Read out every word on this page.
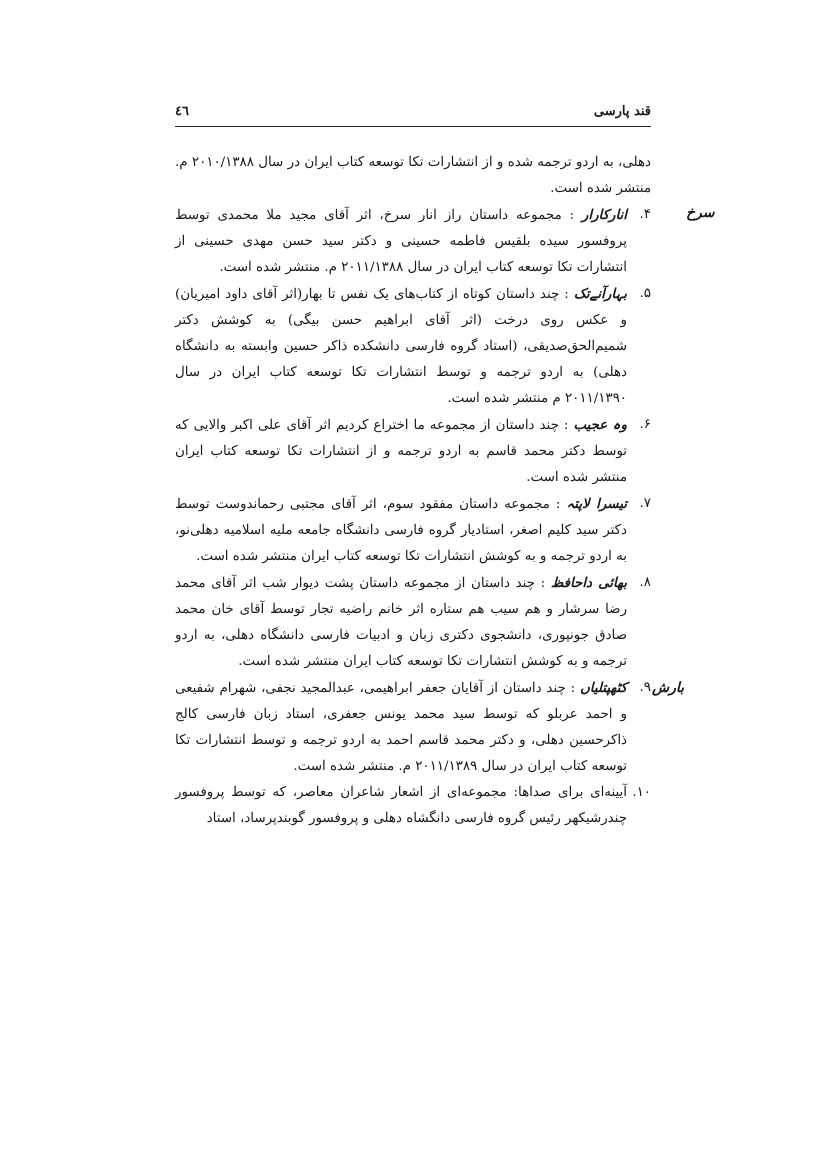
قند پارسی
٤٦
سرخ
بارش

دهلی، به اردو ترجمه شده و از انتشارات تکا توسعه کتاب ایران در سال ۲۰۱۰/۱۳۸۸ م. منتشر شده است.

۴.
انارکارار : مجموعه داستان راز انار سرخ، اثر آقای مجید ملا محمدی توسط پروفسور سیده بلقیس فاطمه حسینی و دکتر سید حسن مهدی حسینی از انتشارات تکا توسعه کتاب ایران در سال ۲۰۱۱/۱۳۸۸ م. منتشر شده است.

۵.
بہارآنےتک : چند داستان کوتاه از کتاب‌های یک نفس تا بهار(اثر آقای داود امیریان) و عکس روی درخت (اثر آقای ابراهیم حسن بیگی) به کوشش دکتر شمیم‌الحق‌صدیقی، (استاد گروه فارسی دانشکده ذاکر حسین وابسته به دانشگاه دهلی) به اردو ترجمه و توسط انتشارات تکا توسعه کتاب ایران در سال ۲۰۱۱/۱۳۹۰ م منتشر شده است.

۶.
وہ عجیب : چند داستان از مجموعه ما اختراع کردیم اثر آقای علی اکبر والایی که توسط دکتر محمد قاسم به اردو ترجمه و از انتشارات تکا توسعه کتاب ایران منتشر شده است.

۷.
تیسرا لاپتہ : مجموعه داستان مفقود سوم، اثر آقای مجتبی رحماندوست توسط دکتر سید کلیم اصغر، استادیار گروه فارسی دانشگاه جامعه ملیه اسلامیه دهلی‌نو، به اردو ترجمه و به کوشش انتشارات تکا توسعه کتاب ایران منتشر شده است.

۸.
بھائی داحافظ : چند داستان از مجموعه داستان پشت دیوار شب اثر آقای محمد رضا سرشار و هم سیب هم ستاره اثر خانم راضیه تجار توسط آقای خان محمد صادق جونپوری، دانشجوی دکتری زبان و ادبیات فارسی دانشگاه دهلی، به اردو ترجمه و به کوشش انتشارات تکا توسعه کتاب ایران منتشر شده است.

۹.
کٹھپتلیاں : چند داستان از آقایان جعفر ابراهیمی، عبدالمجید نجفی، شهرام شفیعی و احمد عربلو که توسط سید محمد یونس جعفری، استاد زبان فارسی کالج ذاکرحسین دهلی، و دکتر محمد قاسم احمد به اردو ترجمه و توسط انتشارات تکا توسعه کتاب ایران در سال ۲۰۱۱/۱۳۸۹ م. منتشر شده است.

۱۰.
آیینه‌ای برای صداها: مجموعه‌ای از اشعار شاعران معاصر، که توسط پروفسور چندرشیکهر رئیس گروه فارسی دانگشاه دهلی و پروفسور گوبندپرساد، استاد
